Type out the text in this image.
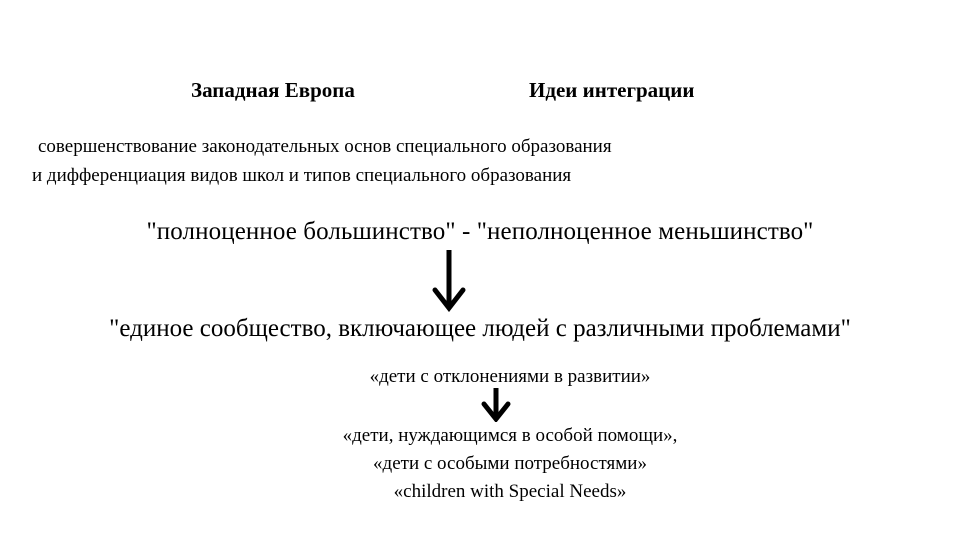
Западная Европа	Идеи интеграции
совершенствование законодательных основ специального образования
и дифференциация видов школ и типов специального образования
"полноценное большинство" - "неполноценное меньшинство"
"единое сообщество, включающее людей с различными проблемами"
«дети с отклонениями в развитии»
«дети, нуждающимся в особой помощи»,
«дети с особыми потребностями»
«children with Special Needs»
